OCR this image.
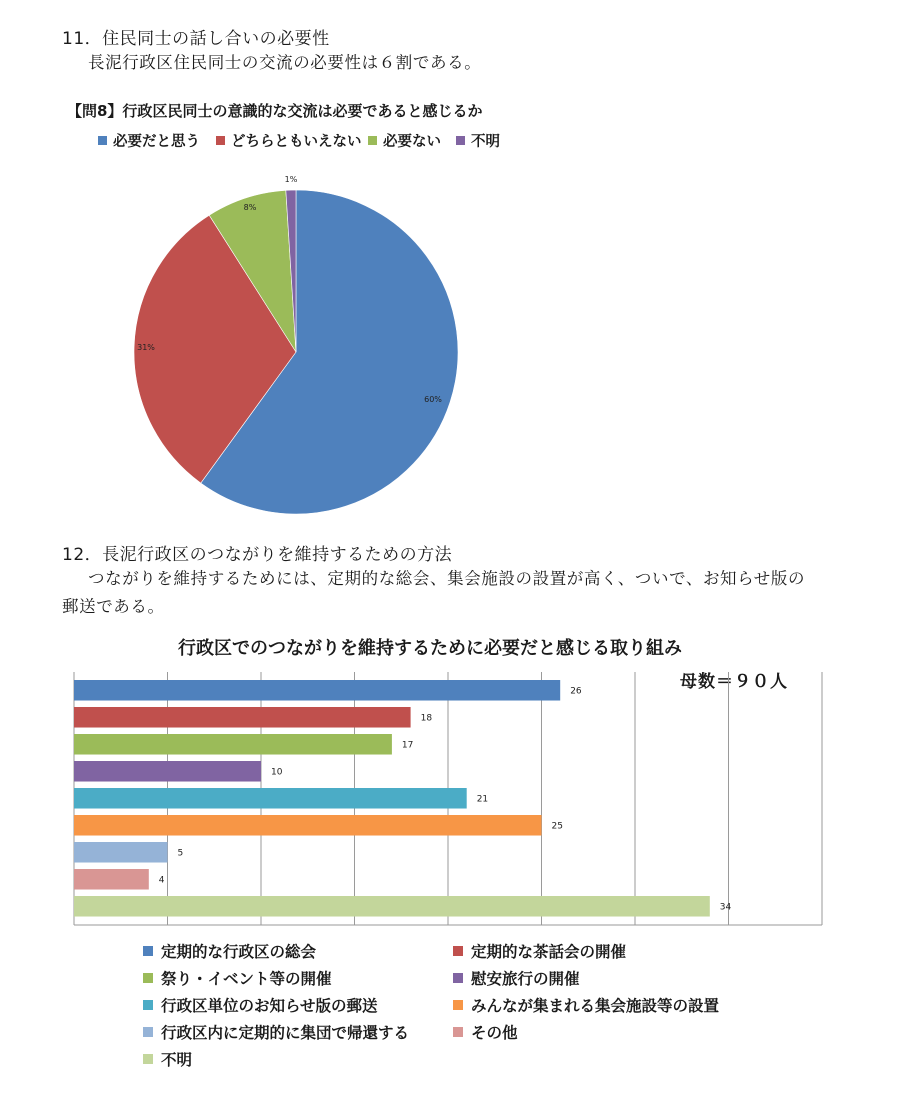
11．住民同士の話し合いの必要性
長泥行政区住民同士の交流の必要性は６割である。
【問8】行政区民同士の意識的な交流は必要であると感じるか
必要だと思う	どちらともいえない	必要ない	不明
12．長泥行政区のつながりを維持するための方法
つながりを維持するためには、定期的な総会、集会施設の設置が高く、ついで、お知らせ版の
郵送である。
行政区でのつながりを維持するために必要だと感じる取り組み
母数＝９０人
60%
31%
8%
1%
26
18
17
10
21
25
5
4
34
定期的な行政区の総会	定期的な茶話会の開催
祭り・イベント等の開催	慰安旅行の開催
行政区単位のお知らせ版の郵送	みんなが集まれる集会施設等の設置
行政区内に定期的に集団で帰還する	その他
不明
